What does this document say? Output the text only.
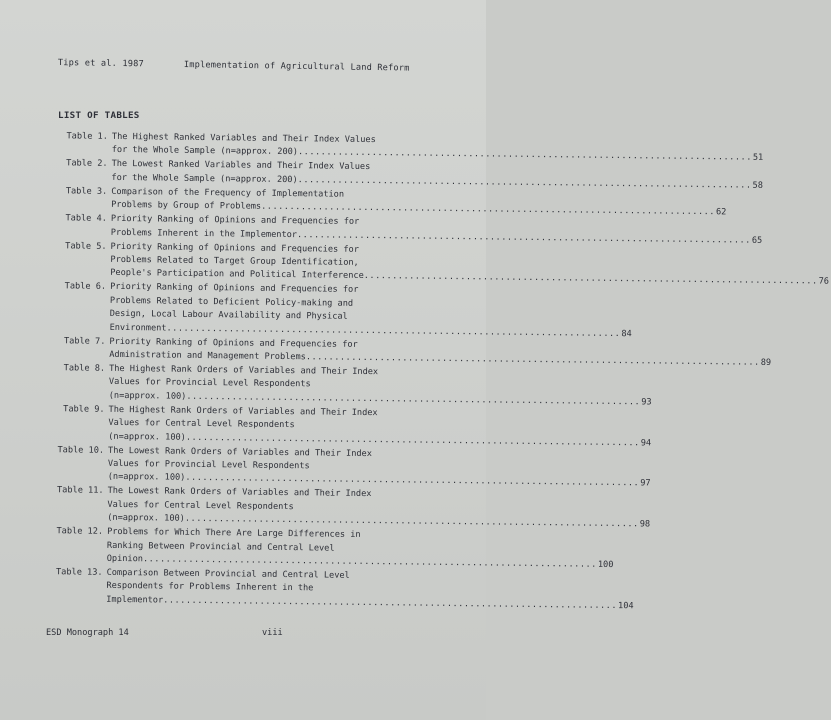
Tips et al. 1987	Implementation of Agricultural Land Reform
LIST OF TABLES
Table 1. The Highest Ranked Variables and Their Index Values
for the Whole Sample (n=approx. 200) ................................................................................ 51
Table 2. The Lowest Ranked Variables and Their Index Values
for the Whole Sample (n=approx. 200) ................................................................................ 58
Table 3. Comparison of the Frequency of Implementation
Problems by Group of Problems ................................................................................ 62
Table 4. Priority Ranking of Opinions and Frequencies for
Problems Inherent in the Implementor ................................................................................ 65
Table 5. Priority Ranking of Opinions and Frequencies for
Problems Related to Target Group Identification,
People's Participation and Political Interference ................................................................................ 76
Table 6. Priority Ranking of Opinions and Frequencies for
Problems Related to Deficient Policy-making and
Design, Local Labour Availability and Physical
Environment ................................................................................ 84
Table 7. Priority Ranking of Opinions and Frequencies for
Administration and Management Problems ................................................................................ 89
Table 8. The Highest Rank Orders of Variables and Their Index
Values for Provincial Level Respondents
(n=approx. 100) ................................................................................ 93
Table 9. The Highest Rank Orders of Variables and Their Index
Values for Central Level Respondents
(n=approx. 100) ................................................................................ 94
Table 10. The Lowest Rank Orders of Variables and Their Index
Values for Provincial Level Respondents
(n=approx. 100) ................................................................................ 97
Table 11. The Lowest Rank Orders of Variables and Their Index
Values for Central Level Respondents
(n=approx. 100) ................................................................................ 98
Table 12. Problems for Which There Are Large Differences in
Ranking Between Provincial and Central Level
Opinion ................................................................................ 100
Table 13. Comparison Between Provincial and Central Level
Respondents for Problems Inherent in the
Implementor ................................................................................ 104
ESD Monograph 14	viii
